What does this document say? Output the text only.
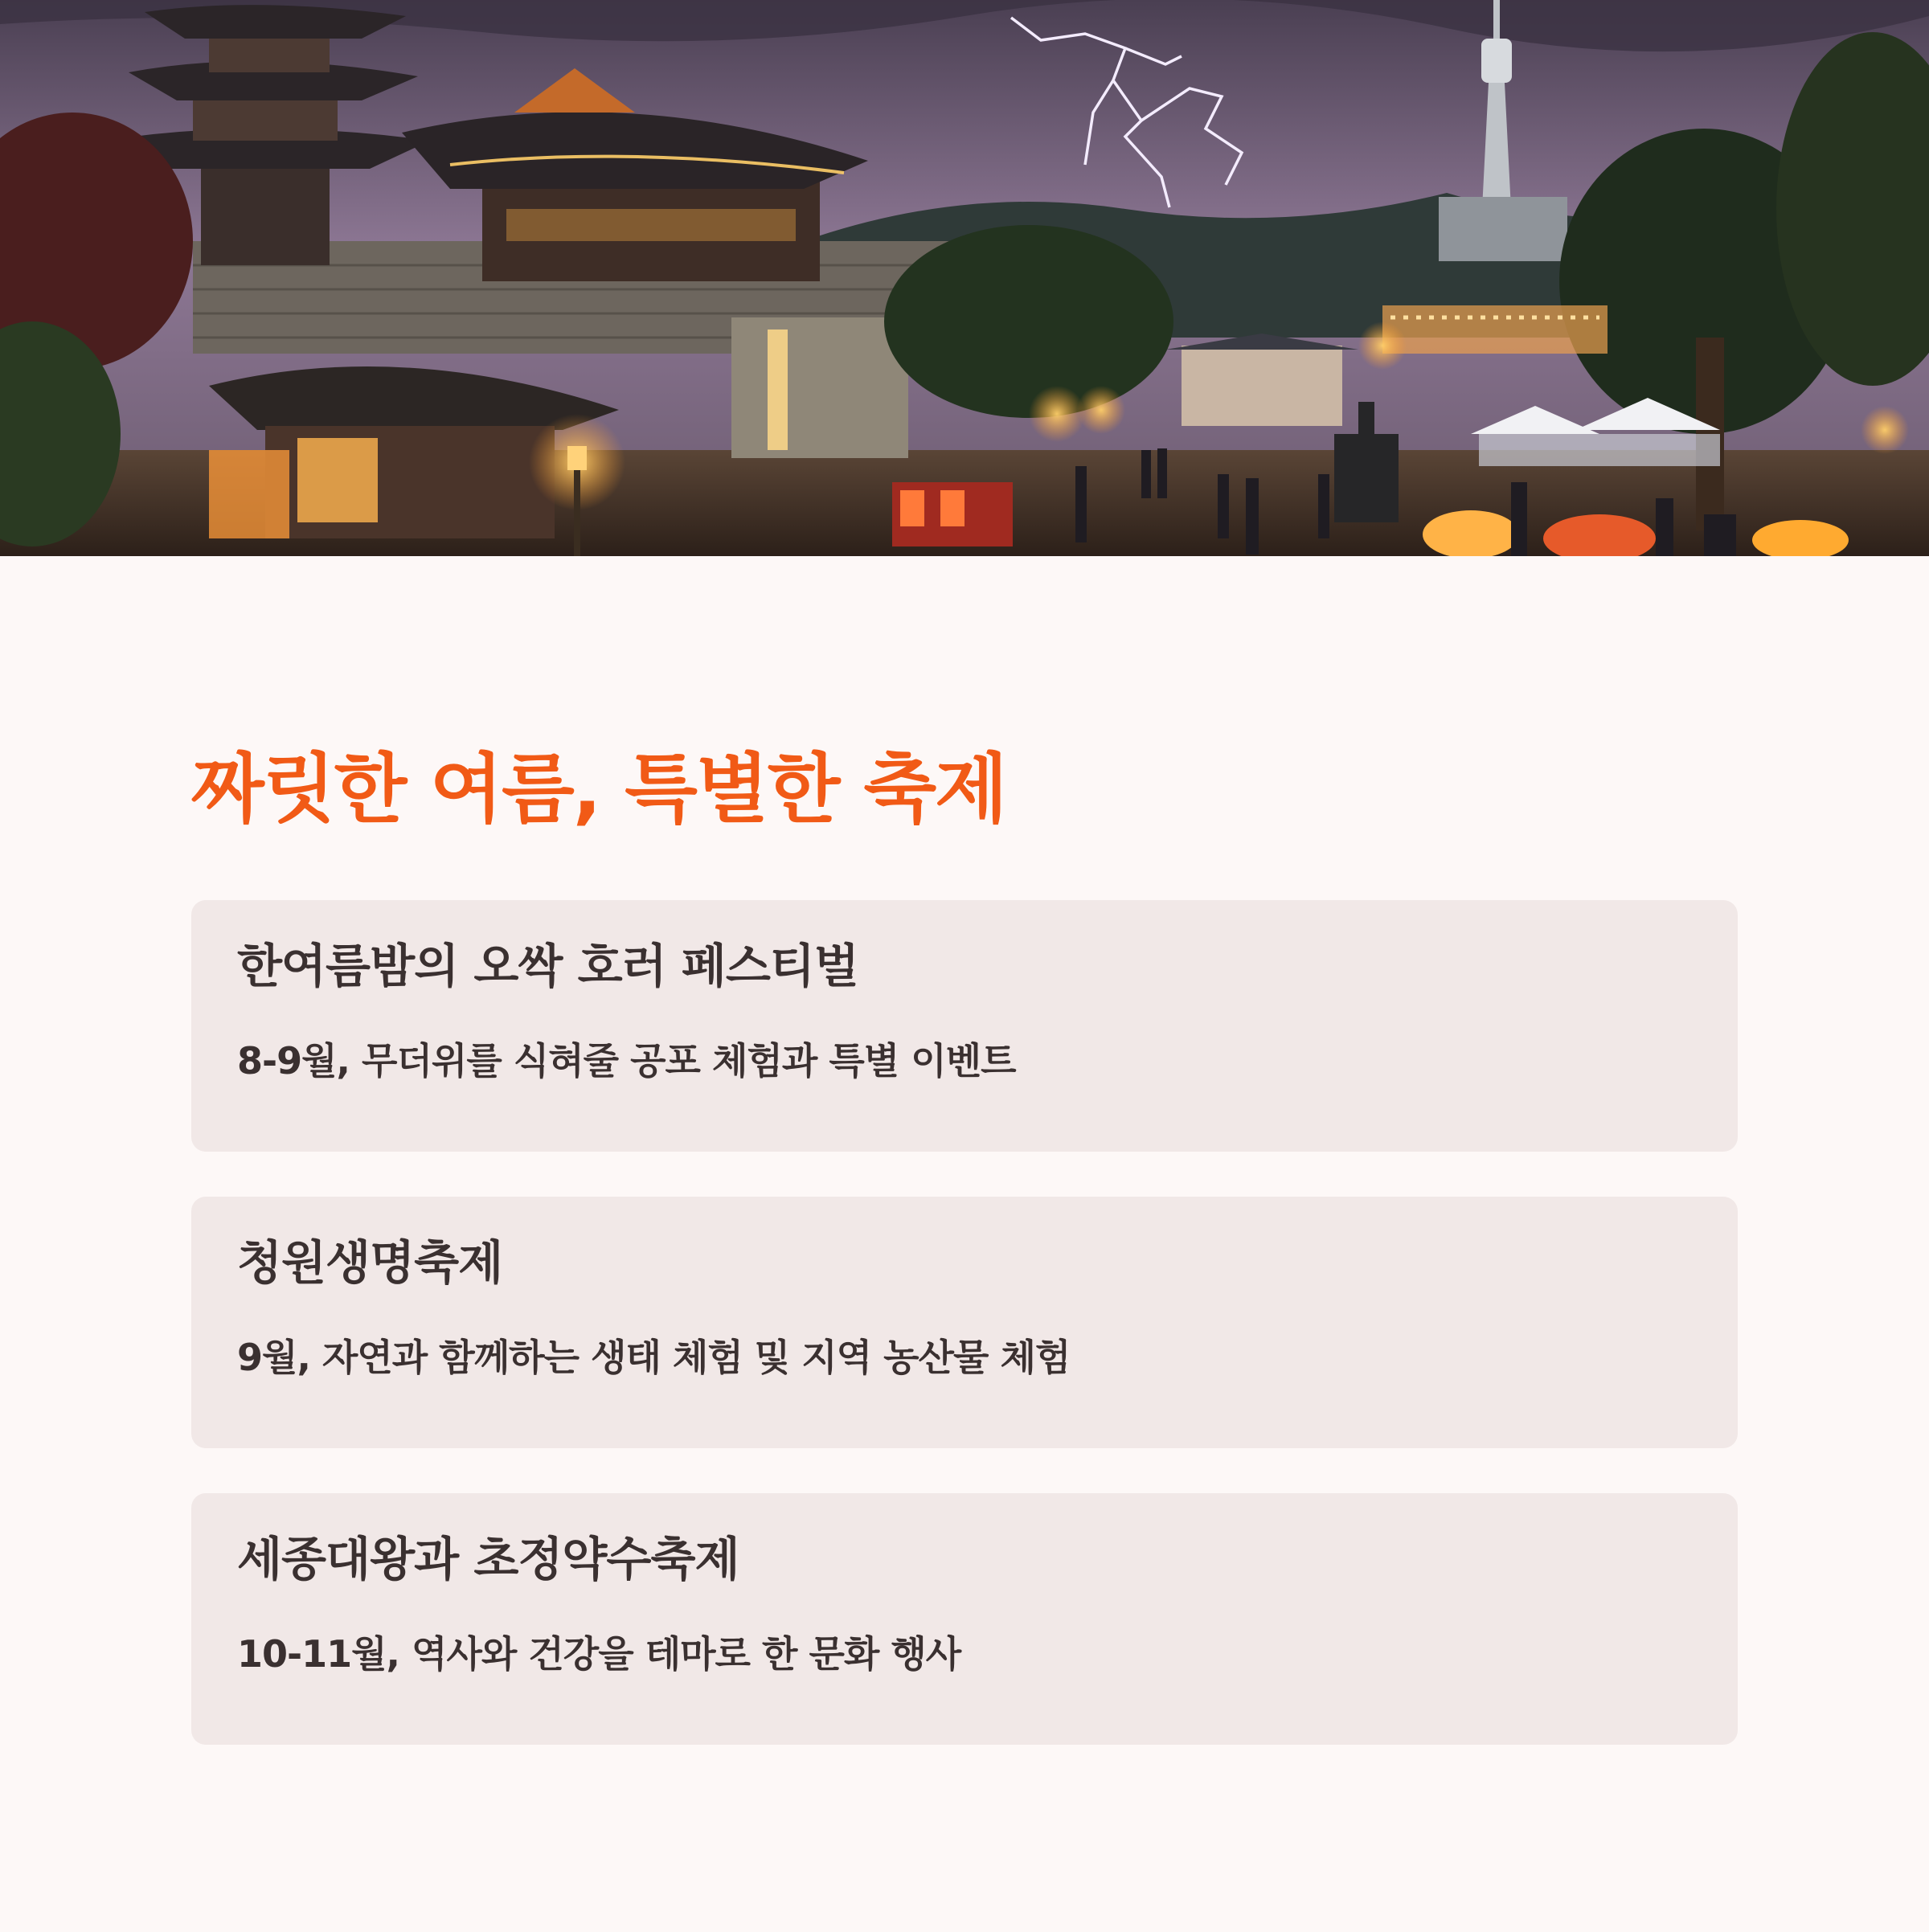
짜릿한 여름, 특별한 축제
한여름밤의 오싹 호러 페스티벌

8-9월, 무더위를 식혀줄 공포 체험과 특별 이벤트

청원생명축제

9월, 자연과 함께하는 생태 체험 및 지역 농산물 체험

세종대왕과 초정약수축제

10-11월, 역사와 건강을 테마로 한 문화 행사
